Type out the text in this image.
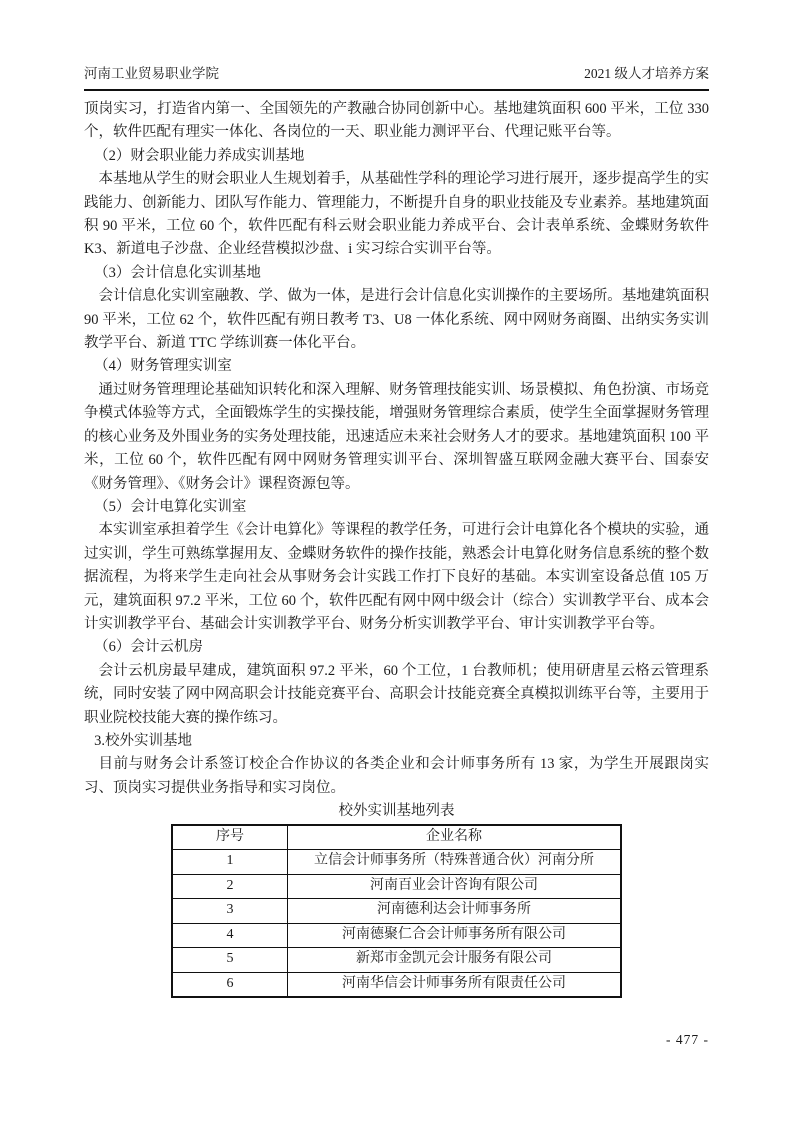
河南工业贸易职业学院	2021 级人才培养方案

顶岗实习，打造省内第一、全国领先的产教融合协同创新中心。基地建筑面积 600 平米，工位 330 个，软件匹配有理实一体化、各岗位的一天、职业能力测评平台、代理记账平台等。

（2）财会职业能力养成实训基地

本基地从学生的财会职业人生规划着手，从基础性学科的理论学习进行展开，逐步提高学生的实践能力、创新能力、团队写作能力、管理能力，不断提升自身的职业技能及专业素养。基地建筑面积 90 平米，工位 60 个，软件匹配有科云财会职业能力养成平台、会计表单系统、金蝶财务软件 K3、新道电子沙盘、企业经营模拟沙盘、i 实习综合实训平台等。

（3）会计信息化实训基地

会计信息化实训室融教、学、做为一体，是进行会计信息化实训操作的主要场所。基地建筑面积 90 平米，工位 62 个，软件匹配有朔日教考 T3、U8 一体化系统、网中网财务商圈、出纳实务实训教学平台、新道 TTC 学练训赛一体化平台。

（4）财务管理实训室

通过财务管理理论基础知识转化和深入理解、财务管理技能实训、场景模拟、角色扮演、市场竞争模式体验等方式，全面锻炼学生的实操技能，增强财务管理综合素质，使学生全面掌握财务管理的核心业务及外围业务的实务处理技能，迅速适应未来社会财务人才的要求。基地建筑面积 100 平米，工位 60 个，软件匹配有网中网财务管理实训平台、深圳智盛互联网金融大赛平台、国泰安《财务管理》、《财务会计》课程资源包等。

（5）会计电算化实训室

本实训室承担着学生《会计电算化》等课程的教学任务，可进行会计电算化各个模块的实验，通过实训，学生可熟练掌握用友、金蝶财务软件的操作技能，熟悉会计电算化财务信息系统的整个数据流程，为将来学生走向社会从事财务会计实践工作打下良好的基础。本实训室设备总值 105 万元，建筑面积 97.2 平米，工位 60 个，软件匹配有网中网中级会计（综合）实训教学平台、成本会计实训教学平台、基础会计实训教学平台、财务分析实训教学平台、审计实训教学平台等。

（6）会计云机房

会计云机房最早建成，建筑面积 97.2 平米，60 个工位，1 台教师机；使用研唐星云格云管理系统，同时安装了网中网高职会计技能竞赛平台、高职会计技能竞赛全真模拟训练平台等，主要用于职业院校技能大赛的操作练习。

3.校外实训基地

目前与财务会计系签订校企合作协议的各类企业和会计师事务所有 13 家，为学生开展跟岗实习、顶岗实习提供业务指导和实习岗位。

校外实训基地列表

序号	企业名称
1	立信会计师事务所（特殊普通合伙）河南分所
2	河南百业会计咨询有限公司
3	河南德利达会计师事务所
4	河南德聚仁合会计师事务所有限公司
5	新郑市金凯元会计服务有限公司
6	河南华信会计师事务所有限责任公司
- 477 -
